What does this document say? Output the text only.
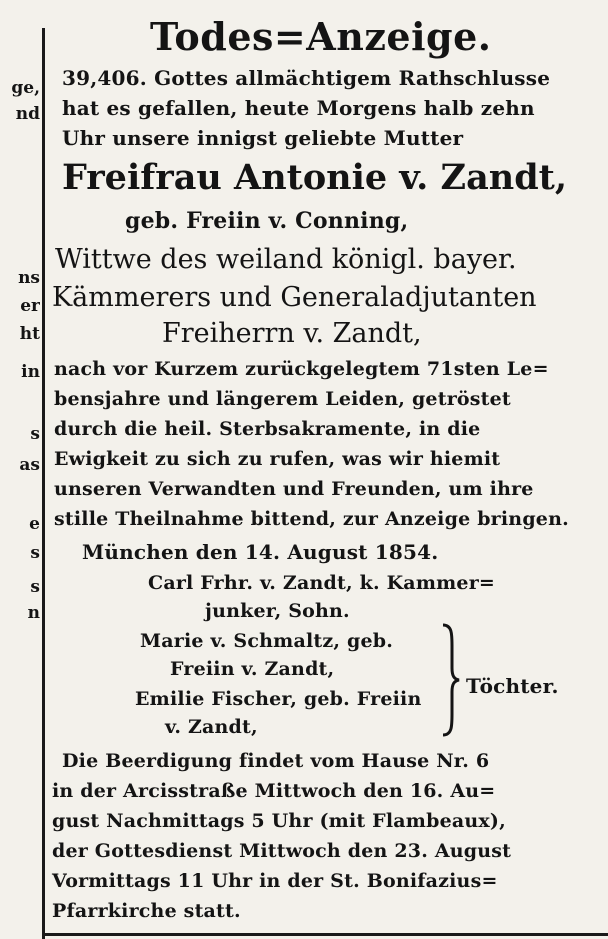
ge,
nd
ns
er
ht
in
s
as
e
s
s
n
Todes=Anzeige.
39,406. Gottes allmächtigem Rathschlusse
hat es gefallen, heute Morgens halb zehn
Uhr unsere innigst geliebte Mutter
Freifrau Antonie v. Zandt,
geb. Freiin v. Conning,
Wittwe des weiland königl. bayer.
Kämmerers und Generaladjutanten
Freiherrn v. Zandt,
nach vor Kurzem zurückgelegtem 71sten Le=
bensjahre und längerem Leiden, getröstet
durch die heil. Sterbsakramente, in die
Ewigkeit zu sich zu rufen, was wir hiemit
unseren Verwandten und Freunden, um ihre
stille Theilnahme bittend, zur Anzeige bringen.
München den 14. August 1854.
Carl Frhr. v. Zandt, k. Kammer=
junker, Sohn.
Marie v. Schmaltz, geb.
Freiin v. Zandt,
Emilie Fischer, geb. Freiin
v. Zandt,
Töchter.
Die Beerdigung findet vom Hause Nr. 6
in der Arcisstraße Mittwoch den 16. Au=
gust Nachmittags 5 Uhr (mit Flambeaux),
der Gottesdienst Mittwoch den 23. August
Vormittags 11 Uhr in der St. Bonifazius=
Pfarrkirche statt.
